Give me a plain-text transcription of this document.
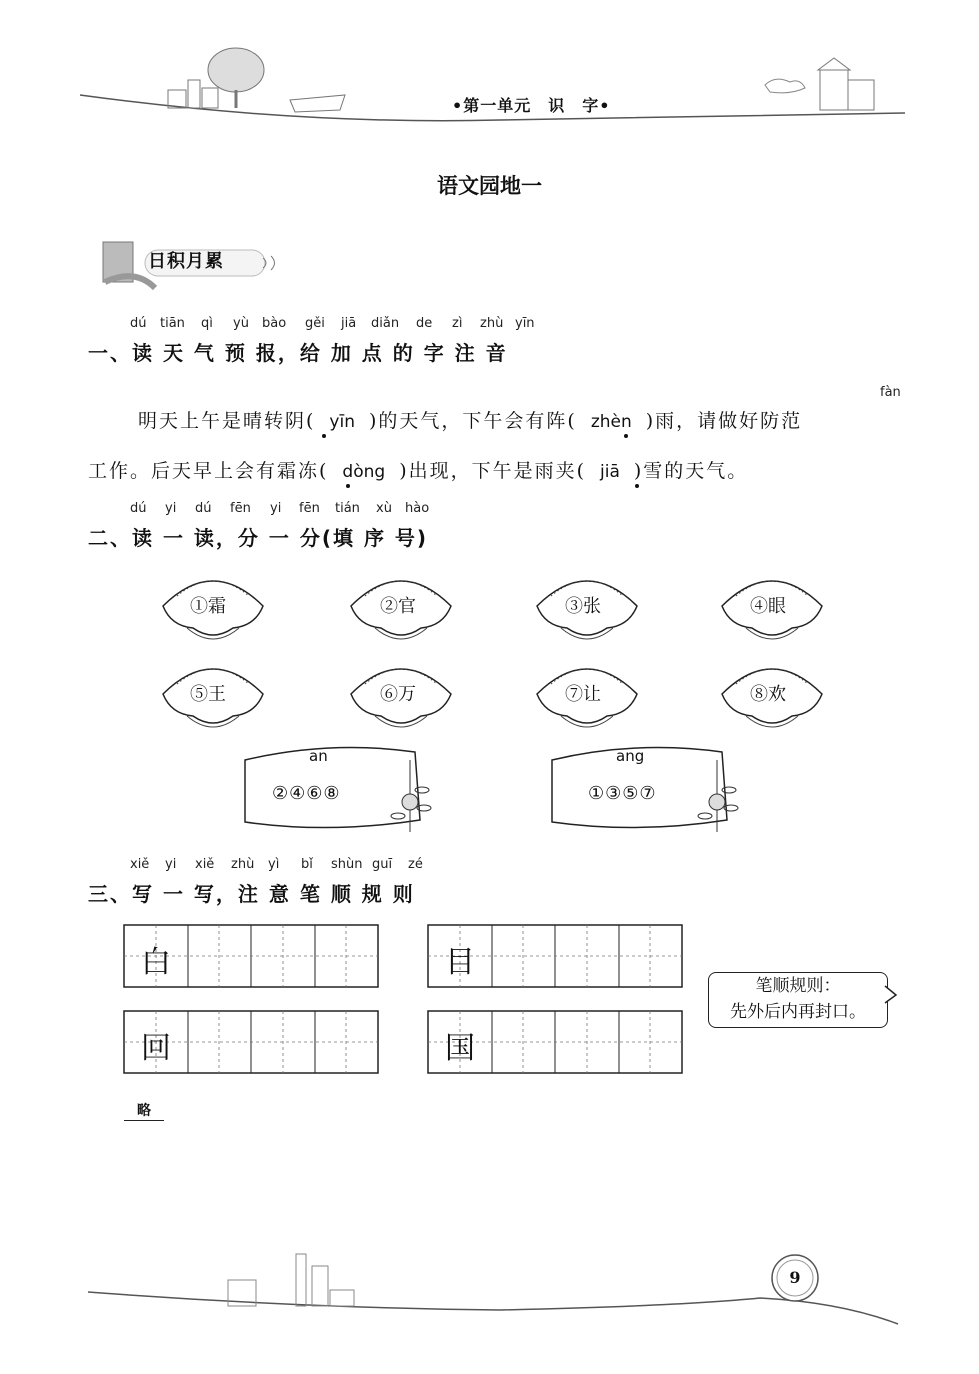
•第一单元　识　字•
语文园地一
日积月累
dú tiān qì yù bào gěi jiā diǎn de zì zhù yīn
一、读 天 气 预 报，给 加 点 的 字 注 音
fàn
明天上午是晴转阴( yīn )的天气，下午会有阵( zhèn )雨，请做好防范
工作。后天早上会有霜冻( dòng )出现，下午是雨夹( jiā )雪的天气。
dú yi dú fēn yi fēn tián xù hào
二、读 一 读，分 一 分(填 序 号)
①霜	②官	③张	④眼
⑤王	⑥万	⑦让	⑧欢
an
②④⑥⑧
ang
①③⑤⑦
xiě yi xiě zhù yì bǐ shùn guī zé
三、写 一 写，注 意 笔 顺 规 则
白	目
回	国
笔顺规则：
先外后内再封口。
略
9
